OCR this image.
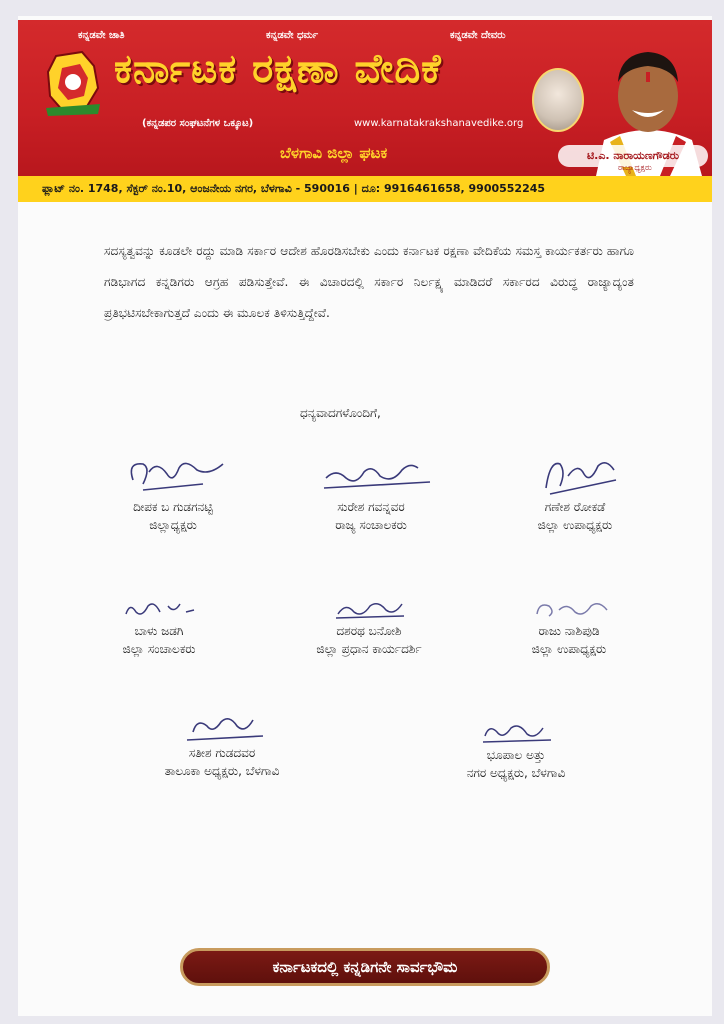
ಕನ್ನಡವೇ ಜಾತಿ	ಕನ್ನಡವೇ ಧರ್ಮ	ಕನ್ನಡವೇ ದೇವರು
ಕರ್ನಾಟಕ ರಕ್ಷಣಾ ವೇದಿಕೆ
(ಕನ್ನಡಪರ ಸಂಘಟನೆಗಳ ಒಕ್ಕೂಟ)	www.karnatakrakshanavedike.org
ಬೆಳಗಾವಿ ಜಿಲ್ಲಾ ಘಟಕ	ಟಿ.ಎ. ನಾರಾಯಣಗೌಡರು
ರಾಜ್ಯಾಧ್ಯಕ್ಷರು
ಫ್ಲಾಟ್ ನಂ. 1748, ಸೆಕ್ಟರ್ ನಂ.10, ಆಂಜನೇಯ ನಗರ, ಬೆಳಗಾವಿ - 590016 | ದೂ: 9916461658, 9900552245
ಸದಸ್ಯತ್ವವನ್ನು ಕೂಡಲೇ ರದ್ದು ಮಾಡಿ ಸರ್ಕಾರ ಆದೇಶ ಹೊರಡಿಸಬೇಕು ಎಂದು ಕರ್ನಾಟಕ ರಕ್ಷಣಾ ವೇದಿಕೆಯ ಸಮಸ್ತ ಕಾರ್ಯಕರ್ತರು ಹಾಗೂ ಗಡಿಭಾಗದ ಕನ್ನಡಿಗರು ಆಗ್ರಹ ಪಡಿಸುತ್ತೇವೆ. ಈ ವಿಚಾರದಲ್ಲಿ ಸರ್ಕಾರ ನಿರ್ಲಕ್ಷ್ಯ ಮಾಡಿದರೆ ಸರ್ಕಾರದ ವಿರುದ್ಧ ರಾಜ್ಯಾದ್ಯಂತ ಪ್ರತಿಭಟಿಸಬೇಕಾಗುತ್ತದೆ ಎಂದು ಈ ಮೂಲಕ ತಿಳಿಸುತ್ತಿದ್ದೇವೆ.
ಧನ್ಯವಾದಗಳೊಂದಿಗೆ,
ದೀಪಕ ಬ ಗುಡಗನಟ್ಟಿ
ಜಿಲ್ಲಾಧ್ಯಕ್ಷರು
ಸುರೇಶ ಗವನ್ನವರ
ರಾಜ್ಯ ಸಂಚಾಲಕರು
ಗಣೇಶ ರೋಕಡೆ
ಜಿಲ್ಲಾ ಉಪಾಧ್ಯಕ್ಷರು
ಬಾಳು ಜಡಗಿ
ಜಿಲ್ಲಾ ಸಂಚಾಲಕರು
ದಶರಥ ಬನೋಶಿ
ಜಿಲ್ಲಾ ಪ್ರಧಾನ ಕಾರ್ಯದರ್ಶಿ
ರಾಜು ನಾಶಿಪುಡಿ
ಜಿಲ್ಲಾ ಉಪಾಧ್ಯಕ್ಷರು
ಸತೀಶ ಗುಡದವರ
ತಾಲೂಕಾ ಅಧ್ಯಕ್ಷರು, ಬೆಳಗಾವಿ
ಭೂಪಾಲ ಅತ್ತು
ನಗರ ಅಧ್ಯಕ್ಷರು, ಬೆಳಗಾವಿ
ಕರ್ನಾಟಕದಲ್ಲಿ ಕನ್ನಡಿಗನೇ ಸಾರ್ವಭೌಮ
